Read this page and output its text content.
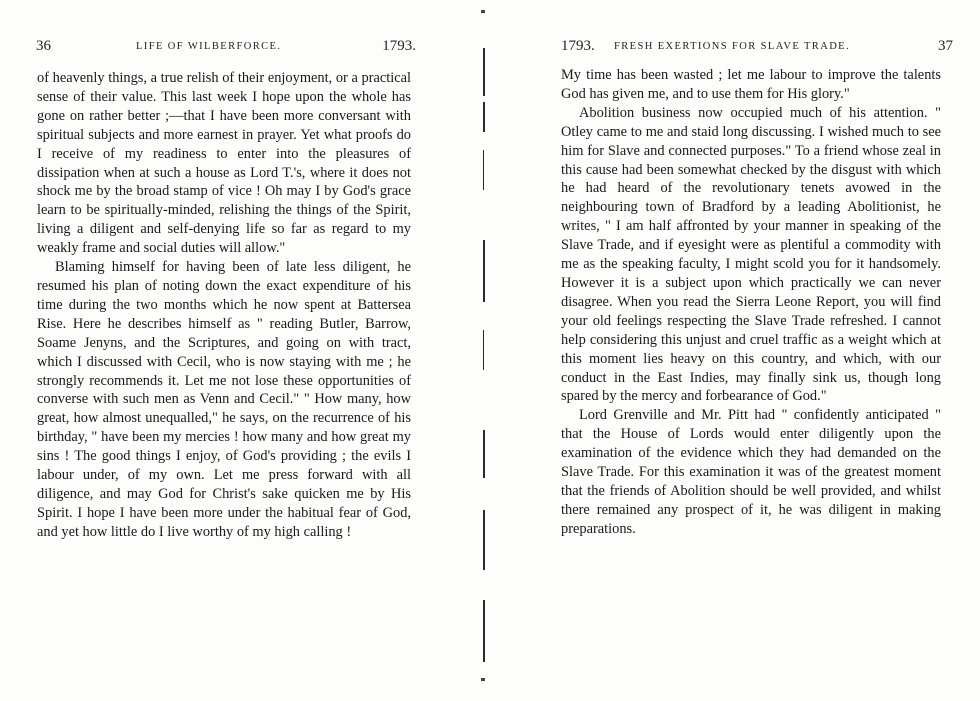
36	LIFE OF WILBERFORCE.	1793.

of heavenly things, a true relish of their enjoyment, or a practical sense of their value. This last week I hope upon the whole has gone on rather better ;—that I have been more conversant with spiritual subjects and more earnest in prayer. Yet what proofs do I receive of my readiness to enter into the pleasures of dissipation when at such a house as Lord T.'s, where it does not shock me by the broad stamp of vice ! Oh may I by God's grace learn to be spiritually-minded, relishing the things of the Spirit, living a diligent and self-denying life so far as regard to my weakly frame and social duties will allow."

Blaming himself for having been of late less diligent, he resumed his plan of noting down the exact expenditure of his time during the two months which he now spent at Battersea Rise. Here he describes himself as " reading Butler, Barrow, Soame Jenyns, and the Scriptures, and going on with tract, which I discussed with Cecil, who is now staying with me ; he strongly recommends it. Let me not lose these opportunities of converse with such men as Venn and Cecil." " How many, how great, how almost unequalled," he says, on the recurrence of his birthday, " have been my mercies ! how many and how great my sins ! The good things I enjoy, of God's providing ; the evils I labour under, of my own. Let me press forward with all diligence, and may God for Christ's sake quicken me by His Spirit. I hope I have been more under the habitual fear of God, and yet how little do I live worthy of my high calling !

1793. FRESH EXERTIONS FOR SLAVE TRADE.	37

My time has been wasted ; let me labour to improve the talents God has given me, and to use them for His glory."

Abolition business now occupied much of his attention. " Otley came to me and staid long discussing. I wished much to see him for Slave and connected purposes." To a friend whose zeal in this cause had been somewhat checked by the disgust with which he had heard of the revolutionary tenets avowed in the neighbouring town of Bradford by a leading Abolitionist, he writes, " I am half affronted by your manner in speaking of the Slave Trade, and if eyesight were as plentiful a commodity with me as the speaking faculty, I might scold you for it handsomely. However it is a subject upon which practically we can never disagree. When you read the Sierra Leone Report, you will find your old feelings respecting the Slave Trade refreshed. I cannot help considering this unjust and cruel traffic as a weight which at this moment lies heavy on this country, and which, with our conduct in the East Indies, may finally sink us, though long spared by the mercy and forbearance of God."

Lord Grenville and Mr. Pitt had " confidently anticipated " that the House of Lords would enter diligently upon the examination of the evidence which they had demanded on the Slave Trade. For this examination it was of the greatest moment that the friends of Abolition should be well provided, and whilst there remained any prospect of it, he was diligent in making preparations.
